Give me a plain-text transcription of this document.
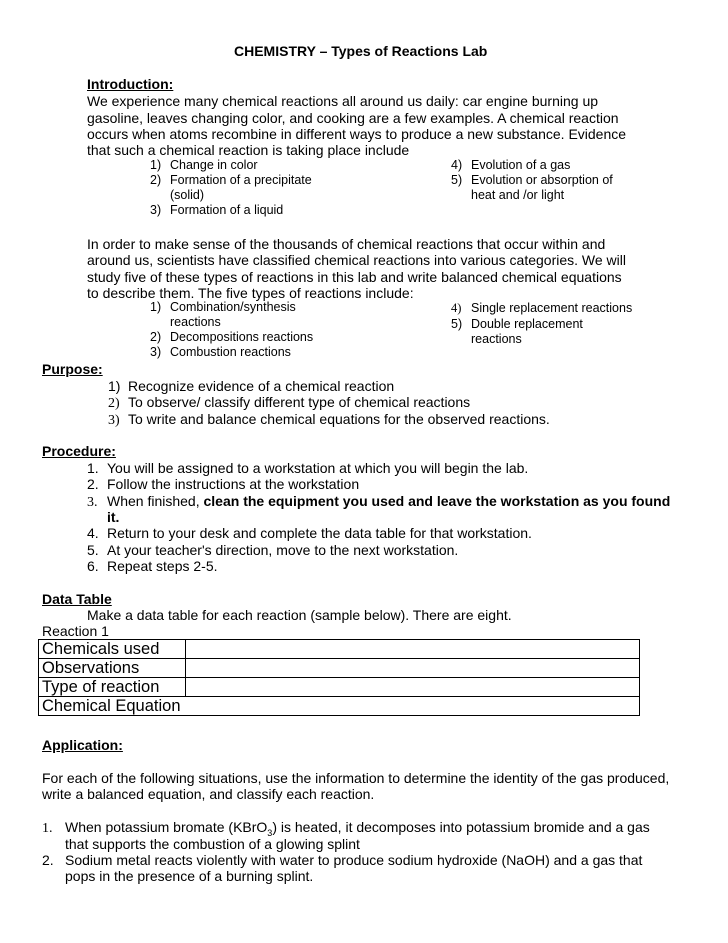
CHEMISTRY – Types of Reactions Lab
Introduction:
We experience many chemical reactions all around us daily: car engine burning up
gasoline, leaves changing color, and cooking are a few examples. A chemical reaction
occurs when atoms recombine in different ways to produce a new substance. Evidence
that such a chemical reaction is taking place include
1) Change in color
2) Formation of a precipitate
(solid)
3) Formation of a liquid
4) Evolution of a gas
5) Evolution or absorption of
heat and /or light
In order to make sense of the thousands of chemical reactions that occur within and
around us, scientists have classified chemical reactions into various categories. We will
study five of these types of reactions in this lab and write balanced chemical equations
to describe them. The five types of reactions include:
1) Combination/synthesis
reactions
2) Decompositions reactions
3) Combustion reactions
4) Single replacement reactions
5) Double replacement
reactions
Purpose:
1) Recognize evidence of a chemical reaction
2) To observe/ classify different type of chemical reactions
3) To write and balance chemical equations for the observed reactions.
Procedure:
1. You will be assigned to a workstation at which you will begin the lab.
2. Follow the instructions at the workstation
3. When finished, clean the equipment you used and leave the workstation as you found
it.
4. Return to your desk and complete the data table for that workstation.
5. At your teacher's direction, move to the next workstation.
6. Repeat steps 2-5.
Data Table
Make a data table for each reaction (sample below). There are eight.
Reaction 1
Chemicals used	
Observations	
Type of reaction	
Chemical Equation	
Application:
For each of the following situations, use the information to determine the identity of the gas produced,
write a balanced equation, and classify each reaction.
1. When potassium bromate (KBrO$_3$) is heated, it decomposes into potassium bromide and a gas
that supports the combustion of a glowing splint
2. Sodium metal reacts violently with water to produce sodium hydroxide (NaOH) and a gas that
pops in the presence of a burning splint.
